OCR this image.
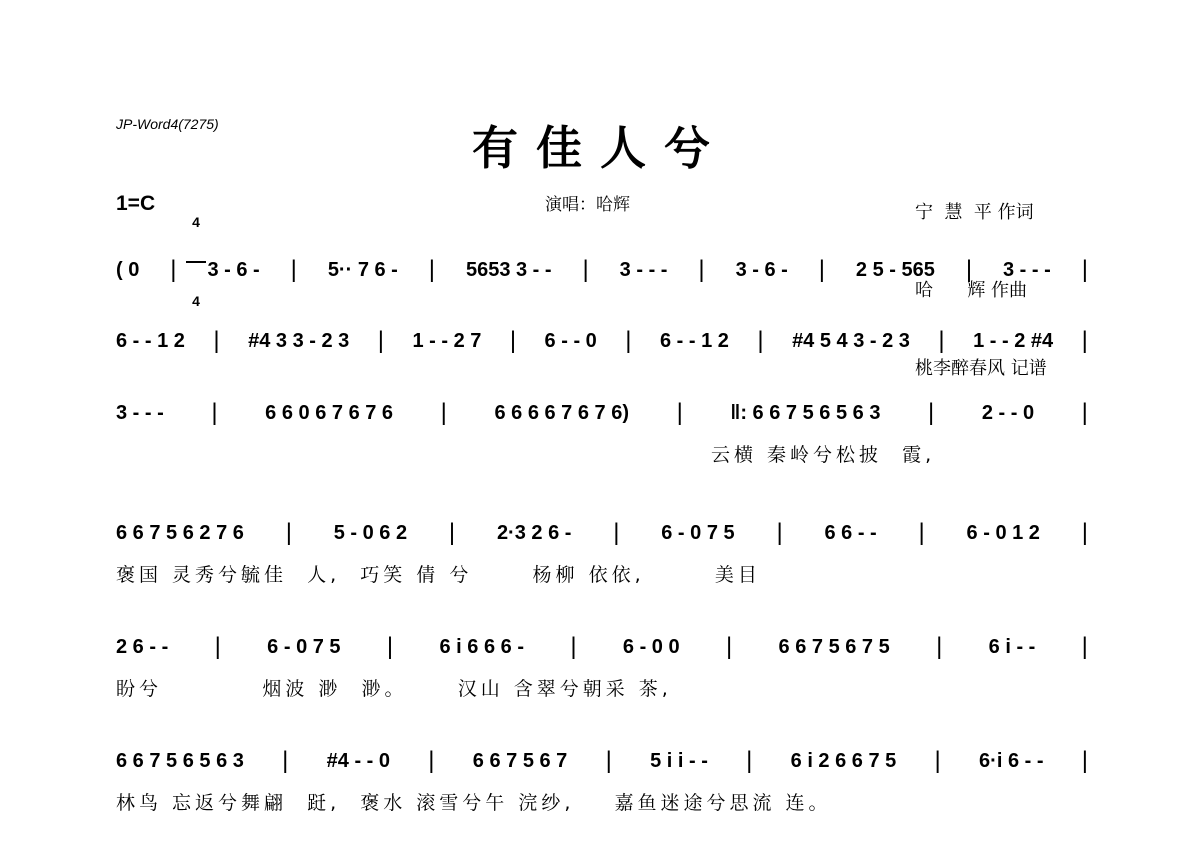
JP-Word4(7275)	有佳人兮

宁  慧  平 作词

哈      辉 作曲

桃李醉春风 记谱

1=C

4

4

演唱：哈辉
( 0 | 3 - 6 - | 5·· 7 6 - | 5653 3 - - | 3 - - - | 3 - 6 - | 2 5 - 565 | 3 - - - |
6 - - 1 2 | #4 3 3 - 2 3 | 1 - - 2 7 | 6 - - 0 | 6 - - 1 2 | #4 5 4 3 - 2 3 | 1 - - 2 #4 |
3 - - - | 6 6 0 6 7 6 7 6 | 6 6 6 6 7 6 7 6) | ‖: 6 6 7 5 6 5 6 3 | 2 - - 0 |
云横 秦岭兮松披  霞,
6 6 7 5 6 2 7 6 | 5 - 0 6 2 | 2·3 2 6 - | 6 - 0 7 5 | 6 6 - - | 6 - 0 1 2 |
褒国 灵秀兮毓佳  人,  巧笑 倩 兮      杨柳 依依,       美目
2 6 - - | 6 - 0 7 5 | 6 i 6 6 6 - | 6 - 0 0 | 6 6 7 5 6 7 5 | 6 i - - |
盼兮          烟波 渺  渺。     汉山 含翠兮朝采 茶,
6 6 7 5 6 5 6 3 | #4 - - 0 | 6 6 7 5 6 7 | 5 i i - - | 6 i 2 6 6 7 5 | 6·i 6 - - |
林鸟 忘返兮舞翩  跹,  褒水 滚雪兮午 浣纱,    嘉鱼迷途兮思流 连。
